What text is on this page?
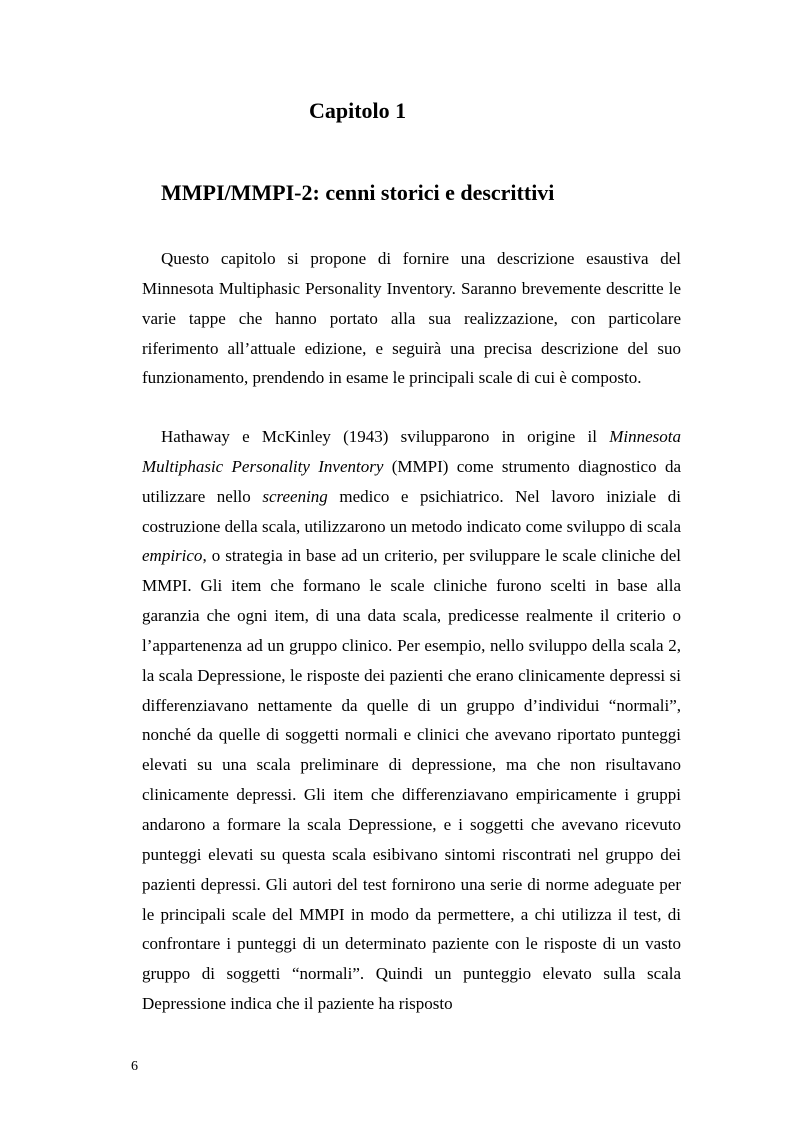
Capitolo 1
MMPI/MMPI-2: cenni storici e descrittivi

Questo capitolo si propone di fornire una descrizione esaustiva del Minnesota Multiphasic Personality Inventory. Saranno brevemente descritte le varie tappe che hanno portato alla sua realizzazione, con particolare riferimento all’attuale edizione, e seguirà una precisa descrizione del suo funzionamento, prendendo in esame le principali scale di cui è composto.

Hathaway e McKinley (1943) svilupparono in origine il Minnesota Multiphasic Personality Inventory (MMPI) come strumento diagnostico da utilizzare nello screening medico e psichiatrico. Nel lavoro iniziale di costruzione della scala, utilizzarono un metodo indicato come sviluppo di scala empirico, o strategia in base ad un criterio, per sviluppare le scale cliniche del MMPI. Gli item che formano le scale cliniche furono scelti in base alla garanzia che ogni item, di una data scala, predicesse realmente il criterio o l’appartenenza ad un gruppo clinico. Per esempio, nello sviluppo della scala 2, la scala Depressione, le risposte dei pazienti che erano clinicamente depressi si differenziavano nettamente da quelle di un gruppo d’individui “normali”, nonché da quelle di soggetti normali e clinici che avevano riportato punteggi elevati su una scala preliminare di depressione, ma che non risultavano clinicamente depressi. Gli item che differenziavano empiricamente i gruppi andarono a formare la scala Depressione, e i soggetti che avevano ricevuto punteggi elevati su questa scala esibivano sintomi riscontrati nel gruppo dei pazienti depressi. Gli autori del test fornirono una serie di norme adeguate per le principali scale del MMPI in modo da permettere, a chi utilizza il test, di confrontare i punteggi di un determinato paziente con le risposte di un vasto gruppo di soggetti “normali”. Quindi un punteggio elevato sulla scala Depressione indica che il paziente ha risposto

6
